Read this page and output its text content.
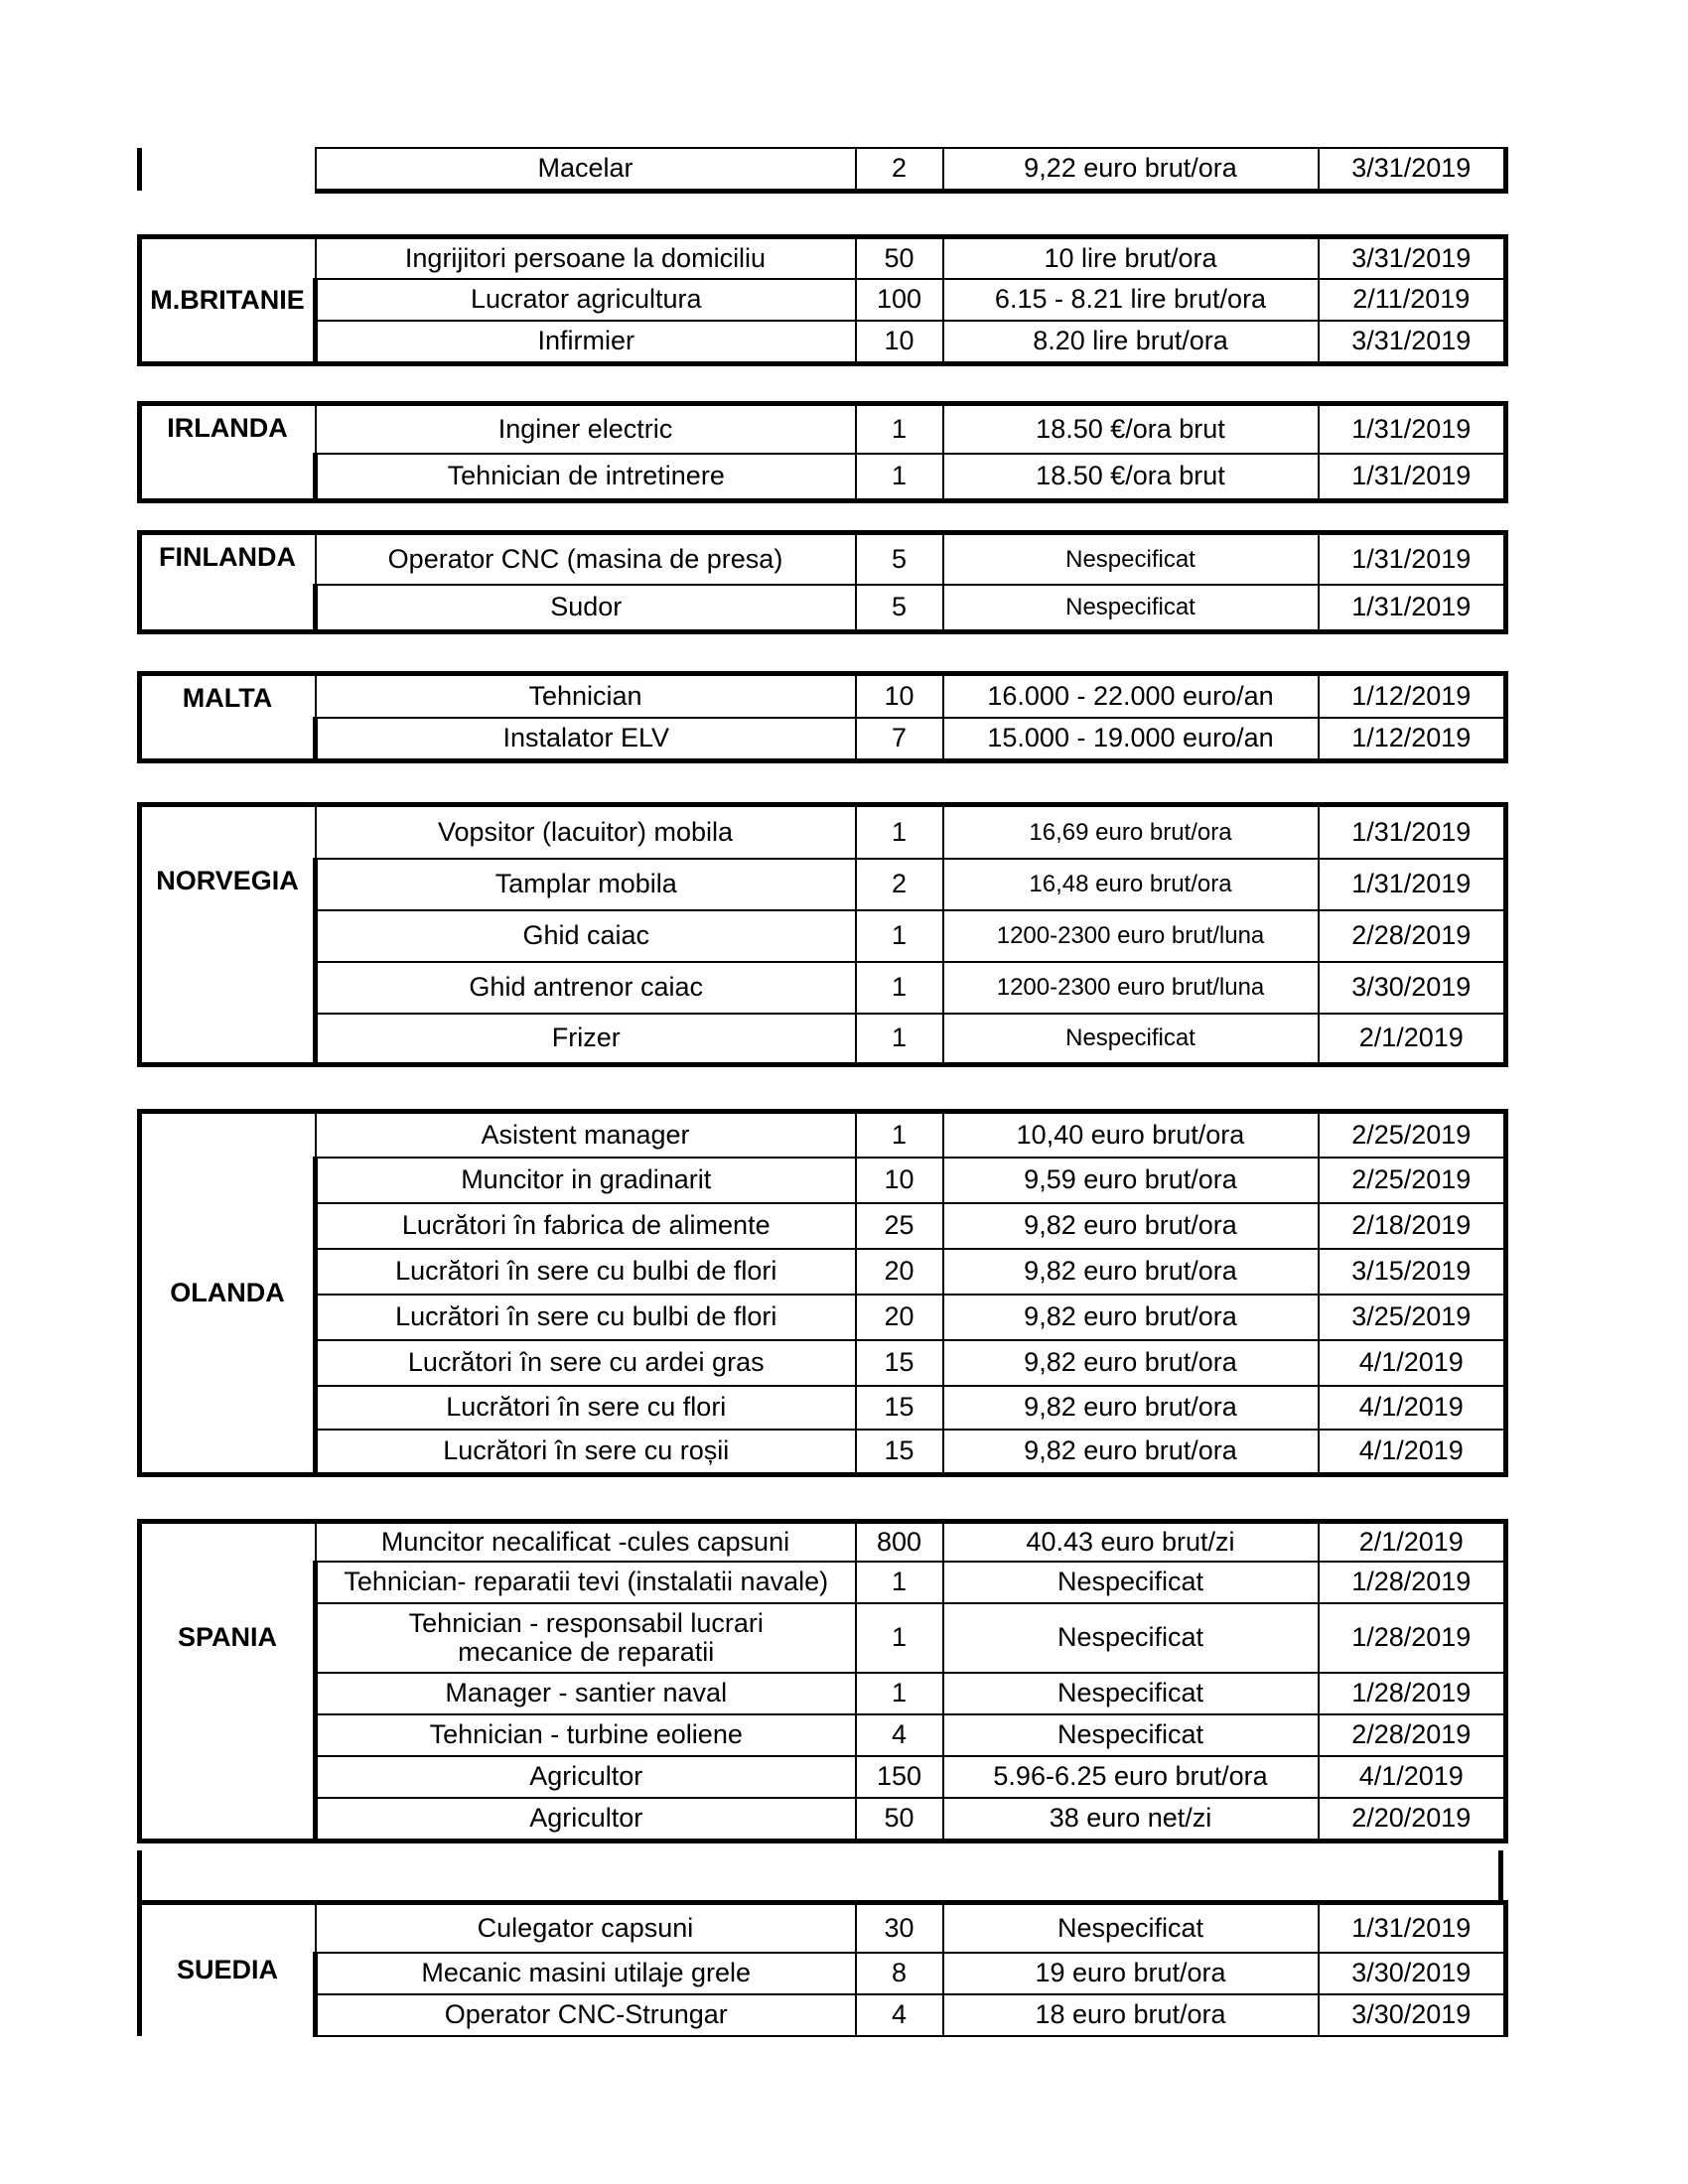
	Macelar	2	9,22 euro brut/ora	3/31/2019
M.BRITANIE	Ingrijitori persoane la domiciliu	50	10 lire brut/ora	3/31/2019
	Lucrator agricultura	100	6.15 - 8.21 lire brut/ora	2/11/2019
	Infirmier	10	8.20 lire brut/ora	3/31/2019
IRLANDA	Inginer electric	1	18.50 €/ora brut	1/31/2019
	Tehnician de intretinere	1	18.50 €/ora brut	1/31/2019
FINLANDA	Operator CNC (masina de presa)	5	Nespecificat	1/31/2019
	Sudor	5	Nespecificat	1/31/2019
MALTA	Tehnician	10	16.000 - 22.000 euro/an	1/12/2019
	Instalator ELV	7	15.000 - 19.000 euro/an	1/12/2019
NORVEGIA	Vopsitor (lacuitor) mobila	1	16,69 euro brut/ora	1/31/2019
	Tamplar mobila	2	16,48 euro brut/ora	1/31/2019
	Ghid caiac	1	1200-2300 euro brut/luna	2/28/2019
	Ghid antrenor caiac	1	1200-2300 euro brut/luna	3/30/2019
	Frizer	1	Nespecificat	2/1/2019
OLANDA	Asistent manager	1	10,40 euro brut/ora	2/25/2019
	Muncitor in gradinarit	10	9,59 euro brut/ora	2/25/2019
	Lucrători în fabrica de alimente	25	9,82 euro brut/ora	2/18/2019
	Lucrători în sere cu bulbi de flori	20	9,82 euro brut/ora	3/15/2019
	Lucrători în sere cu bulbi de flori	20	9,82 euro brut/ora	3/25/2019
	Lucrători în sere cu ardei gras	15	9,82 euro brut/ora	4/1/2019
	Lucrători în sere cu flori	15	9,82 euro brut/ora	4/1/2019
	Lucrători în sere cu roșii	15	9,82 euro brut/ora	4/1/2019
SPANIA	Muncitor necalificat -cules capsuni	800	40.43 euro brut/zi	2/1/2019
	Tehnician- reparatii tevi (instalatii navale)	1	Nespecificat	1/28/2019
	Tehnician - responsabil lucrari mecanice de reparatii	1	Nespecificat	1/28/2019
	Manager - santier naval	1	Nespecificat	1/28/2019
	Tehnician - turbine eoliene	4	Nespecificat	2/28/2019
	Agricultor	150	5.96-6.25 euro brut/ora	4/1/2019
	Agricultor	50	38 euro net/zi	2/20/2019
SUEDIA	Culegator capsuni	30	Nespecificat	1/31/2019
	Mecanic masini utilaje grele	8	19 euro brut/ora	3/30/2019
	Operator CNC-Strungar	4	18 euro brut/ora	3/30/2019
